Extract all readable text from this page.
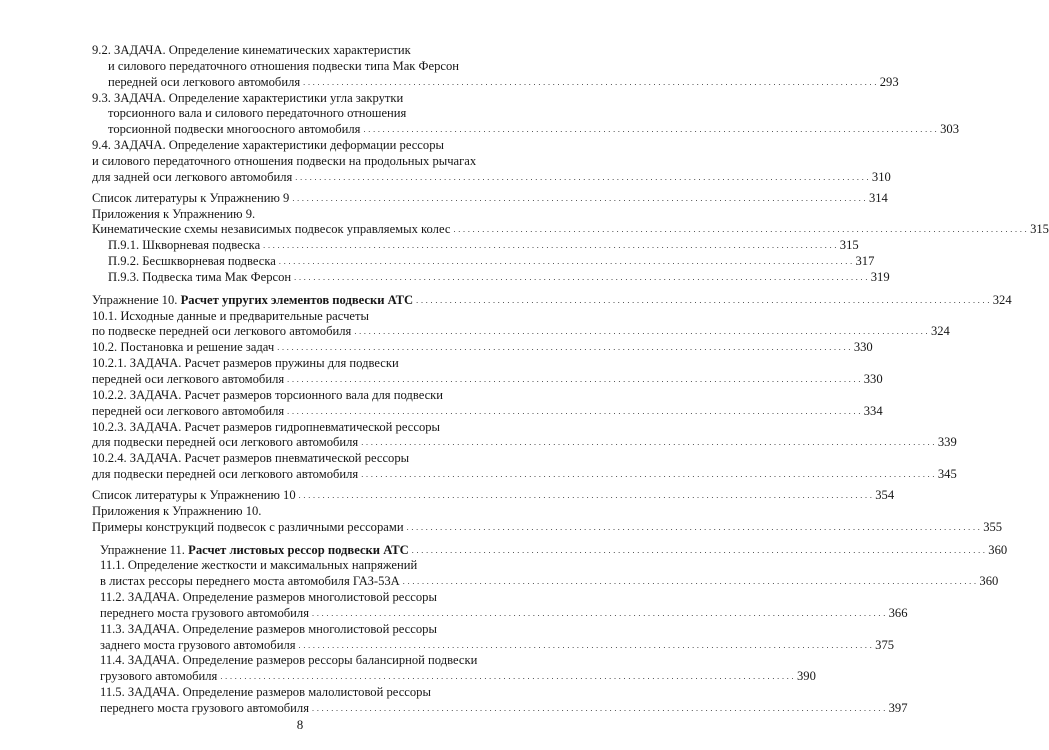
9.2. ЗАДАЧА. Определение кинематических характеристик
и силового передаточного отношения подвески типа Мак Ферсон
передней оси легкового автомобиля . . . . . . . . . . . . . . . . . . . . . . . . . . . . . . . . . . . . . . . . . . . . . . . . . . . . . . . . . . . . . . . . . . . . . . . . . . . . . . . . . . . . . . . . . . . . . . . . . . . . . . . . . . . . . . . . . . . . . . . . 293
9.3. ЗАДАЧА. Определение характеристики угла закрутки
торсионного вала и силового передаточного отношения
торсионной подвески многоосного автомобиля . . . . . . . . . . . . . . . . . . . . . . . . . . . . . . . . . . . . . . . . . . . . . . . . . . . . . . . . . . . . . . . . . . . . . . . . . . . . . . . . . . . . . . . . . . . . . . . . . . . . . . . . . . . . . . . . . . . . . . . . 303
9.4. ЗАДАЧА. Определение характеристики деформации рессоры
и силового передаточного отношения подвески на продольных рычагах
для задней оси легкового автомобиля . . . . . . . . . . . . . . . . . . . . . . . . . . . . . . . . . . . . . . . . . . . . . . . . . . . . . . . . . . . . . . . . . . . . . . . . . . . . . . . . . . . . . . . . . . . . . . . . . . . . . . . . . . . . . . . . . . . . . . . . 310
Список литературы к Упражнению 9 . . . . . . . . . . . . . . . . . . . . . . . . . . . . . . . . . . . . . . . . . . . . . . . . . . . . . . . . . . . . . . . . . . . . . . . . . . . . . . . . . . . . . . . . . . . . . . . . . . . . . . . . . . . . . . . . . . . . . . . . 314
Приложения к Упражнению 9.
Кинематические схемы независимых подвесок управляемых колес . . . . . . . . . . . . . . . . . . . . . . . . . . . . . . . . . . . . . . . . . . . . . . . . . . . . . . . . . . . . . . . . . . . . . . . . . . . . . . . . . . . . . . . . . . . . . . . . . . . . . . . . . . . . . . . . . . . . . . . . 315
П.9.1. Шкворневая подвеска . . . . . . . . . . . . . . . . . . . . . . . . . . . . . . . . . . . . . . . . . . . . . . . . . . . . . . . . . . . . . . . . . . . . . . . . . . . . . . . . . . . . . . . . . . . . . . . . . . . . . . . . . . . . . . . . . . . . . . . . 315
П.9.2. Бесшкворневая подвеска . . . . . . . . . . . . . . . . . . . . . . . . . . . . . . . . . . . . . . . . . . . . . . . . . . . . . . . . . . . . . . . . . . . . . . . . . . . . . . . . . . . . . . . . . . . . . . . . . . . . . . . . . . . . . . . . . . . . . . . . 317
П.9.3. Подвеска тима Мак Ферсон . . . . . . . . . . . . . . . . . . . . . . . . . . . . . . . . . . . . . . . . . . . . . . . . . . . . . . . . . . . . . . . . . . . . . . . . . . . . . . . . . . . . . . . . . . . . . . . . . . . . . . . . . . . . . . . . . . . . . . . . 319
Упражнение 10. Расчет упругих элементов подвески АТС . . . . . . . . . . . . . . . . . . . . . . . . . . . . . . . . . . . . . . . . . . . . . . . . . . . . . . . . . . . . . . . . . . . . . . . . . . . . . . . . . . . . . . . . . . . . . . . . . . . . . . . . . . . . . . . . . . . . . . . . 324
10.1. Исходные данные и предварительные расчеты
по подвеске передней оси легкового автомобиля . . . . . . . . . . . . . . . . . . . . . . . . . . . . . . . . . . . . . . . . . . . . . . . . . . . . . . . . . . . . . . . . . . . . . . . . . . . . . . . . . . . . . . . . . . . . . . . . . . . . . . . . . . . . . . . . . . . . . . . . 324
10.2. Постановка и решение задач . . . . . . . . . . . . . . . . . . . . . . . . . . . . . . . . . . . . . . . . . . . . . . . . . . . . . . . . . . . . . . . . . . . . . . . . . . . . . . . . . . . . . . . . . . . . . . . . . . . . . . . . . . . . . . . . . . . . . . . . 330
10.2.1. ЗАДАЧА. Расчет размеров пружины для подвески
передней оси легкового автомобиля . . . . . . . . . . . . . . . . . . . . . . . . . . . . . . . . . . . . . . . . . . . . . . . . . . . . . . . . . . . . . . . . . . . . . . . . . . . . . . . . . . . . . . . . . . . . . . . . . . . . . . . . . . . . . . . . . . . . . . . . 330
10.2.2. ЗАДАЧА. Расчет размеров торсионного вала для подвески
передней оси легкового автомобиля . . . . . . . . . . . . . . . . . . . . . . . . . . . . . . . . . . . . . . . . . . . . . . . . . . . . . . . . . . . . . . . . . . . . . . . . . . . . . . . . . . . . . . . . . . . . . . . . . . . . . . . . . . . . . . . . . . . . . . . . 334
10.2.3. ЗАДАЧА. Расчет размеров гидропневматической рессоры
для подвески передней оси легкового автомобиля . . . . . . . . . . . . . . . . . . . . . . . . . . . . . . . . . . . . . . . . . . . . . . . . . . . . . . . . . . . . . . . . . . . . . . . . . . . . . . . . . . . . . . . . . . . . . . . . . . . . . . . . . . . . . . . . . . . . . . . . 339
10.2.4. ЗАДАЧА. Расчет размеров пневматической рессоры
для подвески передней оси легкового автомобиля . . . . . . . . . . . . . . . . . . . . . . . . . . . . . . . . . . . . . . . . . . . . . . . . . . . . . . . . . . . . . . . . . . . . . . . . . . . . . . . . . . . . . . . . . . . . . . . . . . . . . . . . . . . . . . . . . . . . . . . . 345
Список литературы к Упражнению 10 . . . . . . . . . . . . . . . . . . . . . . . . . . . . . . . . . . . . . . . . . . . . . . . . . . . . . . . . . . . . . . . . . . . . . . . . . . . . . . . . . . . . . . . . . . . . . . . . . . . . . . . . . . . . . . . . . . . . . . . . 354
Приложения к Упражнению 10.
Примеры конструкций подвесок с различными рессорами . . . . . . . . . . . . . . . . . . . . . . . . . . . . . . . . . . . . . . . . . . . . . . . . . . . . . . . . . . . . . . . . . . . . . . . . . . . . . . . . . . . . . . . . . . . . . . . . . . . . . . . . . . . . . . . . . . . . . . . . 355
Упражнение 11. Расчет листовых рессор подвески АТС . . . . . . . . . . . . . . . . . . . . . . . . . . . . . . . . . . . . . . . . . . . . . . . . . . . . . . . . . . . . . . . . . . . . . . . . . . . . . . . . . . . . . . . . . . . . . . . . . . . . . . . . . . . . . . . . . . . . . . . . 360
11.1. Определение жесткости и максимальных напряжений
в листах рессоры переднего моста автомобиля ГАЗ-53А . . . . . . . . . . . . . . . . . . . . . . . . . . . . . . . . . . . . . . . . . . . . . . . . . . . . . . . . . . . . . . . . . . . . . . . . . . . . . . . . . . . . . . . . . . . . . . . . . . . . . . . . . . . . . . . . . . . . . . . . 360
11.2. ЗАДАЧА. Определение размеров многолистовой рессоры
переднего моста грузового автомобиля . . . . . . . . . . . . . . . . . . . . . . . . . . . . . . . . . . . . . . . . . . . . . . . . . . . . . . . . . . . . . . . . . . . . . . . . . . . . . . . . . . . . . . . . . . . . . . . . . . . . . . . . . . . . . . . . . . . . . . . . 366
11.3. ЗАДАЧА. Определение размеров многолистовой рессоры
заднего моста грузового автомобиля . . . . . . . . . . . . . . . . . . . . . . . . . . . . . . . . . . . . . . . . . . . . . . . . . . . . . . . . . . . . . . . . . . . . . . . . . . . . . . . . . . . . . . . . . . . . . . . . . . . . . . . . . . . . . . . . . . . . . . . . 375
11.4. ЗАДАЧА. Определение размеров рессоры балансирной подвески
грузового автомобиля . . . . . . . . . . . . . . . . . . . . . . . . . . . . . . . . . . . . . . . . . . . . . . . . . . . . . . . . . . . . . . . . . . . . . . . . . . . . . . . . . . . . . . . . . . . . . . . . . . . . . . . . . . . . . . . . . . . . . . . . 390
11.5. ЗАДАЧА. Определение размеров малолистовой рессоры
переднего моста грузового автомобиля . . . . . . . . . . . . . . . . . . . . . . . . . . . . . . . . . . . . . . . . . . . . . . . . . . . . . . . . . . . . . . . . . . . . . . . . . . . . . . . . . . . . . . . . . . . . . . . . . . . . . . . . . . . . . . . . . . . . . . . . 397
8
